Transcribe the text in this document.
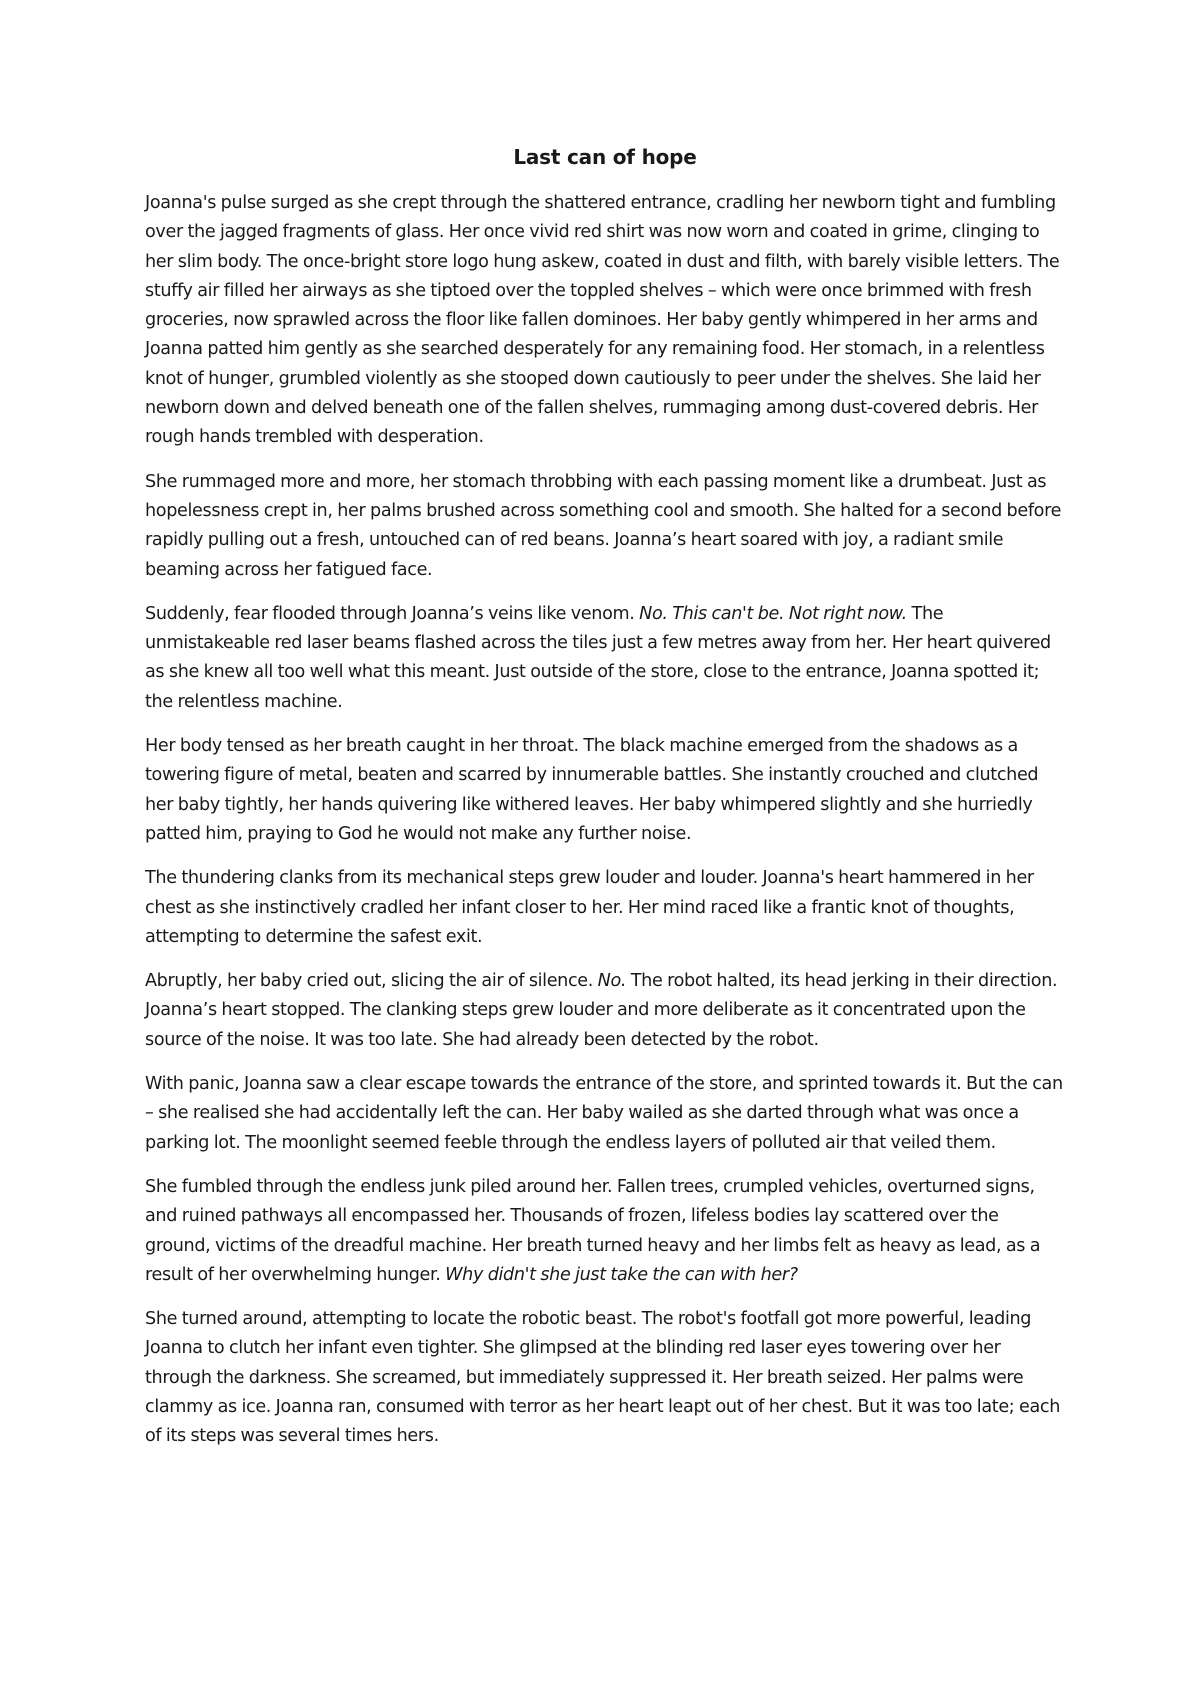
Last can of hope

Joanna's pulse surged as she crept through the shattered entrance, cradling her newborn tight and fumbling over the jagged fragments of glass. Her once vivid red shirt was now worn and coated in grime, clinging to her slim body. The once-bright store logo hung askew, coated in dust and filth, with barely visible letters. The stuffy air filled her airways as she tiptoed over the toppled shelves – which were once brimmed with fresh groceries, now sprawled across the floor like fallen dominoes. Her baby gently whimpered in her arms and Joanna patted him gently as she searched desperately for any remaining food. Her stomach, in a relentless knot of hunger, grumbled violently as she stooped down cautiously to peer under the shelves. She laid her newborn down and delved beneath one of the fallen shelves, rummaging among dust-covered debris. Her rough hands trembled with desperation.

She rummaged more and more, her stomach throbbing with each passing moment like a drumbeat. Just as hopelessness crept in, her palms brushed across something cool and smooth. She halted for a second before rapidly pulling out a fresh, untouched can of red beans. Joanna’s heart soared with joy, a radiant smile beaming across her fatigued face.

Suddenly, fear flooded through Joanna’s veins like venom. No. This can't be. Not right now. The unmistakeable red laser beams flashed across the tiles just a few metres away from her. Her heart quivered as she knew all too well what this meant. Just outside of the store, close to the entrance, Joanna spotted it; the relentless machine.

Her body tensed as her breath caught in her throat. The black machine emerged from the shadows as a towering figure of metal, beaten and scarred by innumerable battles. She instantly crouched and clutched her baby tightly, her hands quivering like withered leaves. Her baby whimpered slightly and she hurriedly patted him, praying to God he would not make any further noise.

The thundering clanks from its mechanical steps grew louder and louder. Joanna's heart hammered in her chest as she instinctively cradled her infant closer to her. Her mind raced like a frantic knot of thoughts, attempting to determine the safest exit.

Abruptly, her baby cried out, slicing the air of silence. No. The robot halted, its head jerking in their direction. Joanna’s heart stopped. The clanking steps grew louder and more deliberate as it concentrated upon the source of the noise. It was too late. She had already been detected by the robot.

With panic, Joanna saw a clear escape towards the entrance of the store, and sprinted towards it. But the can – she realised she had accidentally left the can. Her baby wailed as she darted through what was once a parking lot. The moonlight seemed feeble through the endless layers of polluted air that veiled them.

She fumbled through the endless junk piled around her. Fallen trees, crumpled vehicles, overturned signs, and ruined pathways all encompassed her. Thousands of frozen, lifeless bodies lay scattered over the ground, victims of the dreadful machine. Her breath turned heavy and her limbs felt as heavy as lead, as a result of her overwhelming hunger. Why didn't she just take the can with her?

She turned around, attempting to locate the robotic beast. The robot's footfall got more powerful, leading Joanna to clutch her infant even tighter. She glimpsed at the blinding red laser eyes towering over her through the darkness. She screamed, but immediately suppressed it. Her breath seized. Her palms were clammy as ice. Joanna ran, consumed with terror as her heart leapt out of her chest. But it was too late; each of its steps was several times hers.
